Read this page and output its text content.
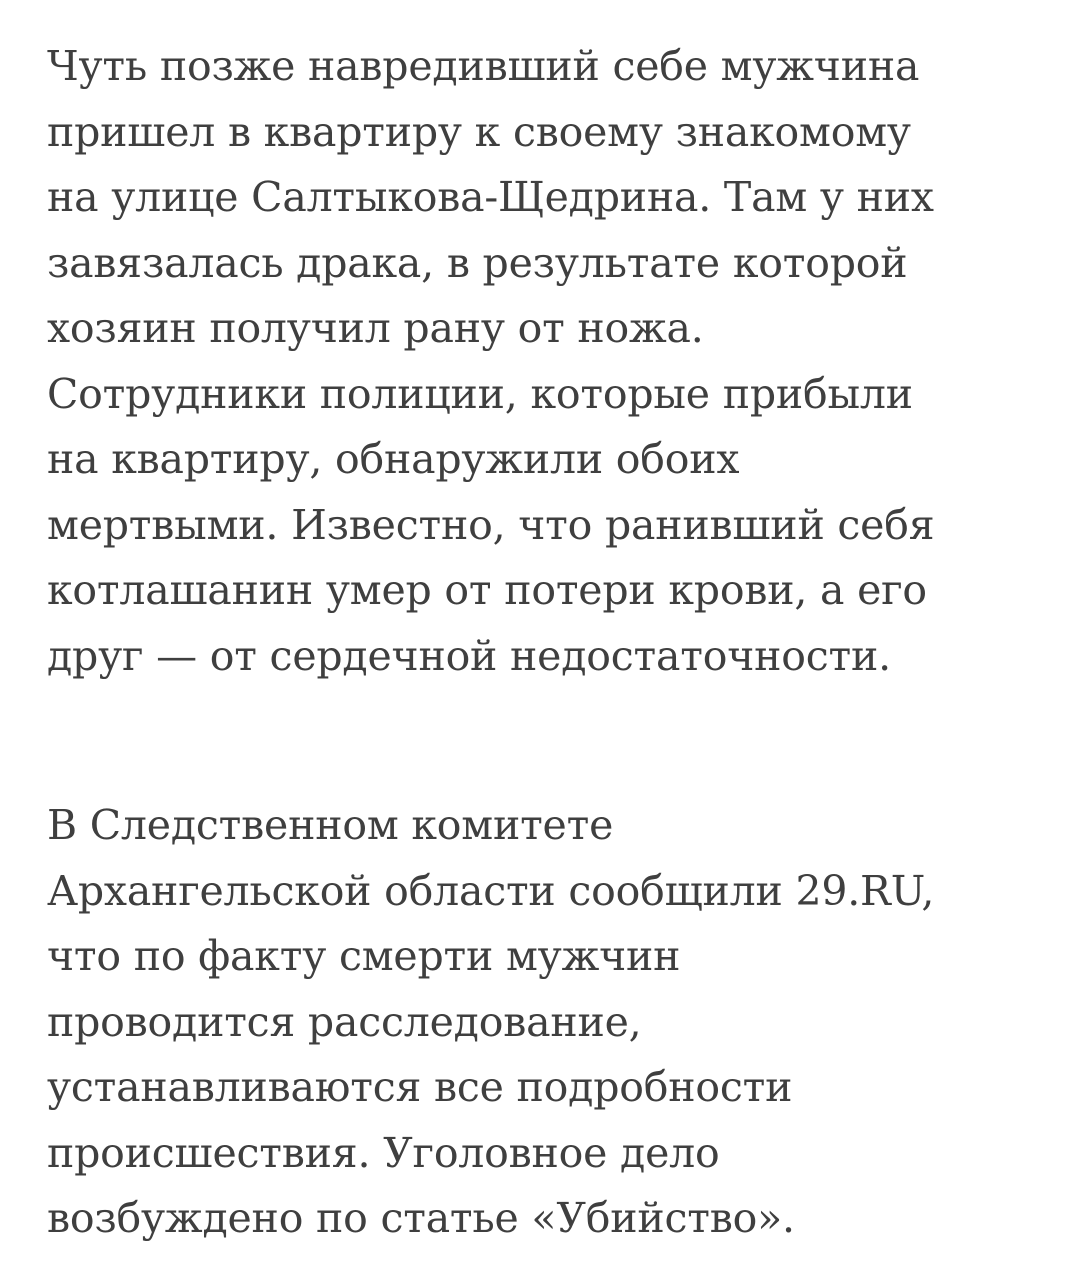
Чуть позже навредивший себе мужчина
пришел в квартиру к своему знакомому
на улице Салтыкова-Щедрина. Там у них
завязалась драка, в результате которой
хозяин получил рану от ножа.
Сотрудники полиции, которые прибыли
на квартиру, обнаружили обоих
мертвыми. Известно, что ранивший себя
котлашанин умер от потери крови, а его
друг — от сердечной недостаточности.

В Следственном комитете
Архангельской области сообщили 29.RU,
что по факту смерти мужчин
проводится расследование,
устанавливаются все подробности
происшествия. Уголовное дело
возбуждено по статье «Убийство».
